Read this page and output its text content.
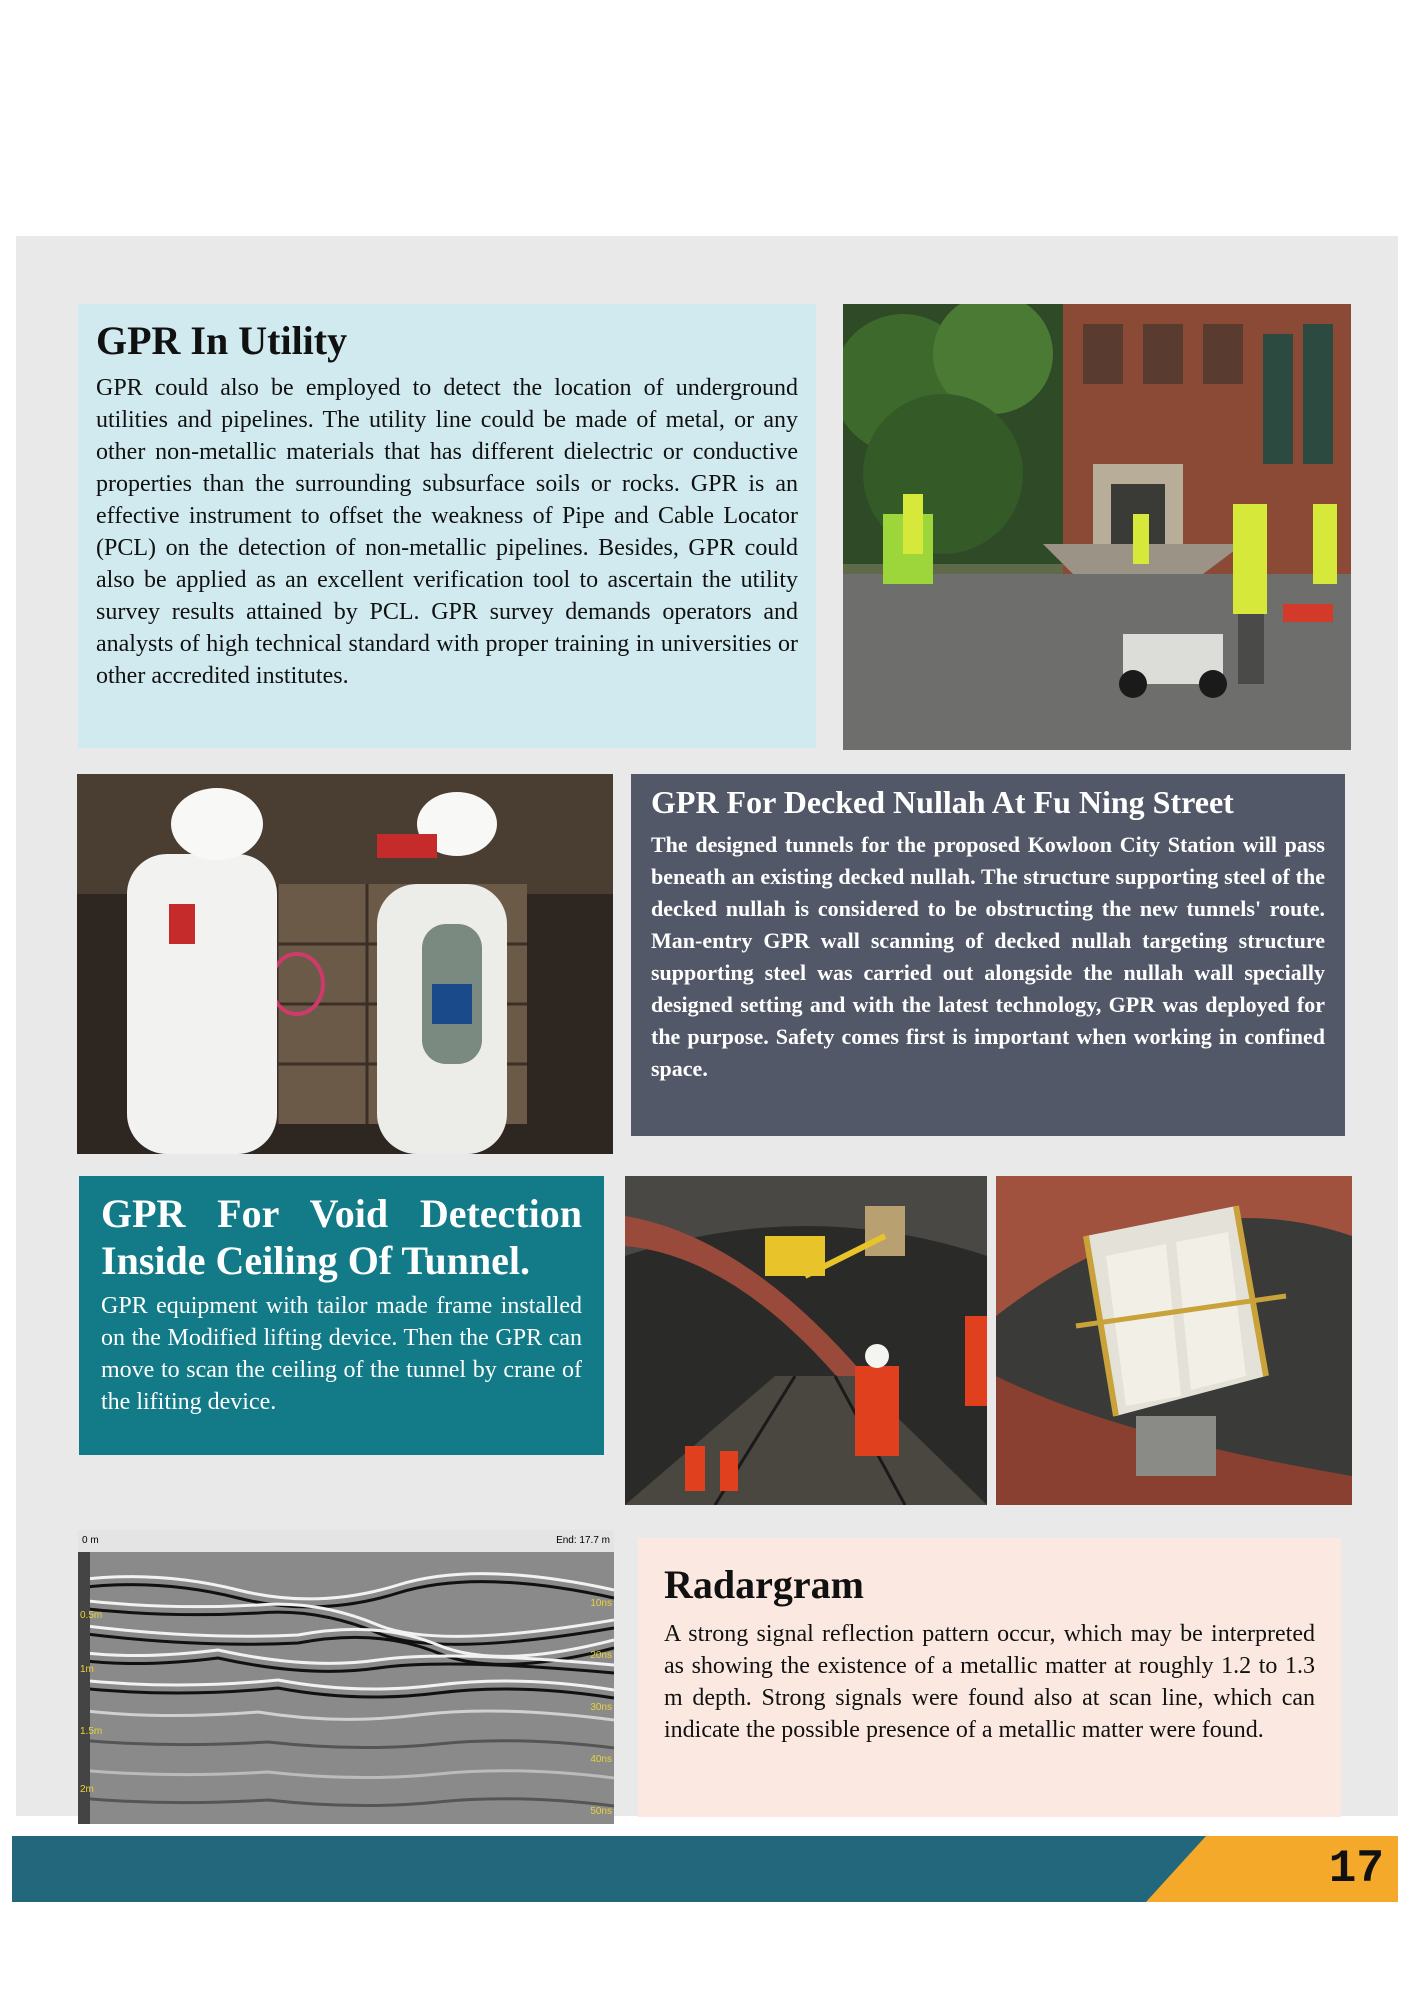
GPR In Utility

GPR could also be employed to detect the location of underground utilities and pipelines. The utility line could be made of metal, or any other non-metallic materials that has different dielectric or conductive properties than the surrounding subsurface soils or rocks. GPR is an effective instrument to offset the weakness of Pipe and Cable Locator (PCL) on the detection of non-metallic pipelines. Besides, GPR could also be applied as an excellent verification tool to ascertain the utility survey results attained by PCL. GPR survey demands operators and analysts of high technical standard with proper training in universities or other accredited institutes.

GPR For Decked Nullah At Fu Ning Street

The designed tunnels for the proposed Kowloon City Station will pass beneath an existing decked nullah. The structure supporting steel of the decked nullah is considered to be obstructing the new tunnels' route. Man-entry GPR wall scanning of decked nullah targeting structure supporting steel was carried out alongside the nullah wall specially designed setting and with the latest technology, GPR was deployed for the purpose. Safety comes first is important when working in confined space.

GPR For Void Detection Inside Ceiling Of Tunnel.

GPR equipment with tailor made frame installed on the Modified lifting device. Then the GPR can move to scan the ceiling of the tunnel by crane of the lifiting device.

0 m	End: 17.7 m
0.5m
1m
1.5m
2m
10ns
20ns
30ns
40ns
50ns
Radargram

A strong signal reflection pattern occur, which may be interpreted as showing the existence of a metallic matter at roughly 1.2 to 1.3 m depth. Strong signals were found also at scan line, which can indicate the possible presence of a metallic matter were found.

17
